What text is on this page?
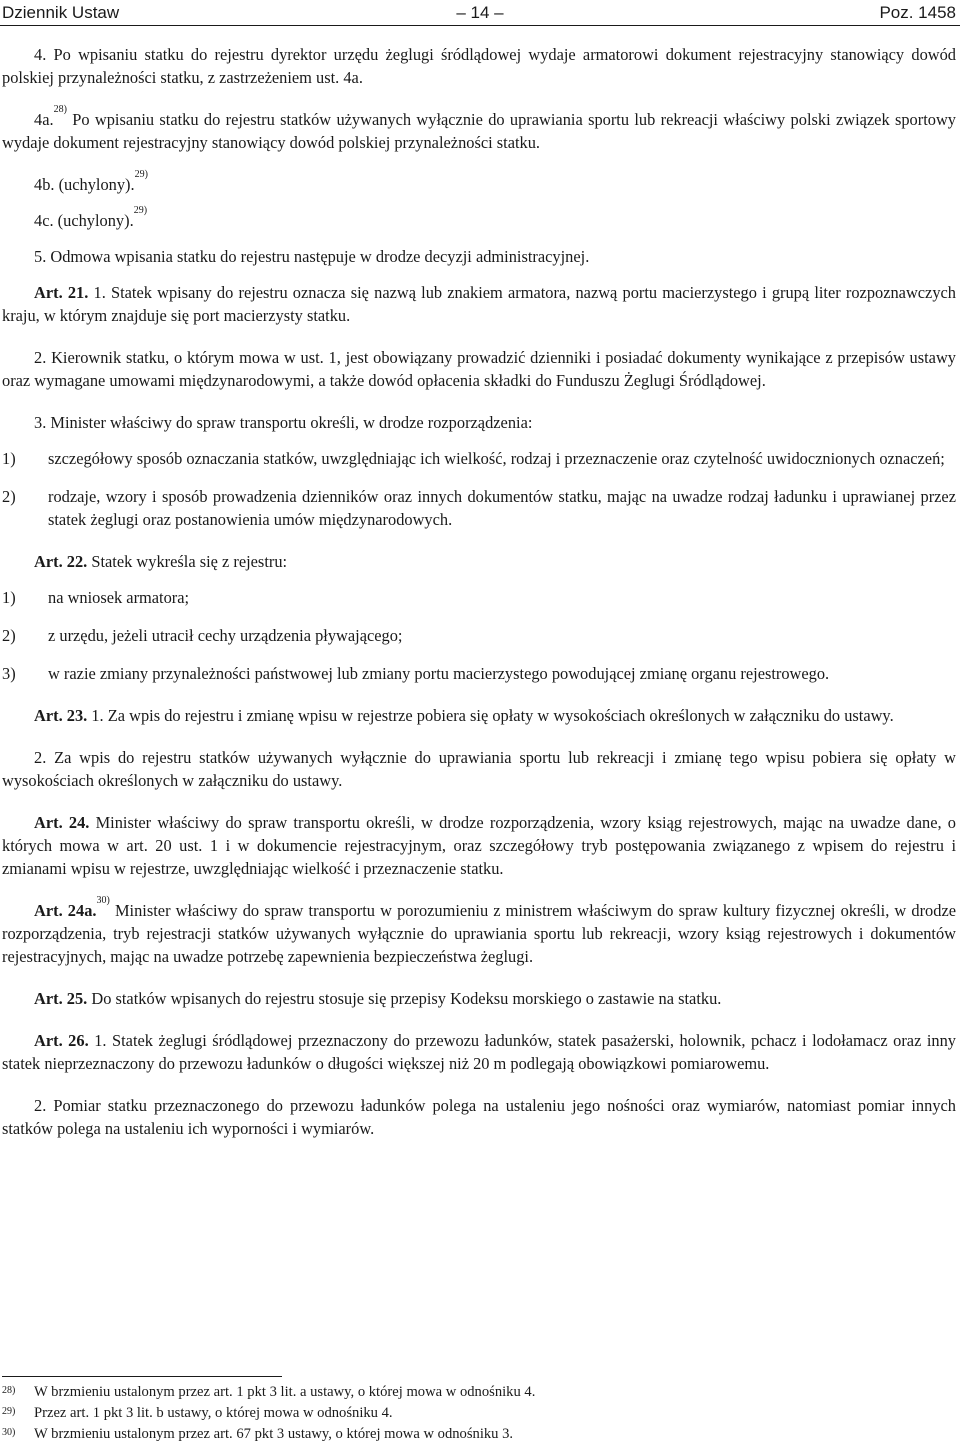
Dziennik Ustaw	– 14 –	Poz. 1458

4. Po wpisaniu statku do rejestru dyrektor urzędu żeglugi śródlądowej wydaje armatorowi dokument rejestracyjny stanowiący dowód polskiej przynależności statku, z zastrzeżeniem ust. 4a.

4a.$^{28)}$ Po wpisaniu statku do rejestru statków używanych wyłącznie do uprawiania sportu lub rekreacji właściwy polski związek sportowy wydaje dokument rejestracyjny stanowiący dowód polskiej przynależności statku.

4b. (uchylony).$^{29)}$

4c. (uchylony).$^{29)}$

5. Odmowa wpisania statku do rejestru następuje w drodze decyzji administracyjnej.

Art. 21. 1. Statek wpisany do rejestru oznacza się nazwą lub znakiem armatora, nazwą portu macierzystego i grupą liter rozpoznawczych kraju, w którym znajduje się port macierzysty statku.

2. Kierownik statku, o którym mowa w ust. 1, jest obowiązany prowadzić dzienniki i posiadać dokumenty wynikające z przepisów ustawy oraz wymagane umowami międzynarodowymi, a także dowód opłacenia składki do Funduszu Żeglugi Śródlądowej.

3. Minister właściwy do spraw transportu określi, w drodze rozporządzenia:

1) szczegółowy sposób oznaczania statków, uwzględniając ich wielkość, rodzaj i przeznaczenie oraz czytelność uwidocznionych oznaczeń;
2) rodzaje, wzory i sposób prowadzenia dzienników oraz innych dokumentów statku, mając na uwadze rodzaj ładunku i uprawianej przez statek żeglugi oraz postanowienia umów międzynarodowych.

Art. 22. Statek wykreśla się z rejestru:

1) na wniosek armatora;
2) z urzędu, jeżeli utracił cechy urządzenia pływającego;
3) w razie zmiany przynależności państwowej lub zmiany portu macierzystego powodującej zmianę organu rejestrowego.

Art. 23. 1. Za wpis do rejestru i zmianę wpisu w rejestrze pobiera się opłaty w wysokościach określonych w załączniku do ustawy.

2. Za wpis do rejestru statków używanych wyłącznie do uprawiania sportu lub rekreacji i zmianę tego wpisu pobiera się opłaty w wysokościach określonych w załączniku do ustawy.

Art. 24. Minister właściwy do spraw transportu określi, w drodze rozporządzenia, wzory ksiąg rejestrowych, mając na uwadze dane, o których mowa w art. 20 ust. 1 i w dokumencie rejestracyjnym, oraz szczegółowy tryb postępowania związanego z wpisem do rejestru i zmianami wpisu w rejestrze, uwzględniając wielkość i przeznaczenie statku.

Art. 24a.$^{30)}$ Minister właściwy do spraw transportu w porozumieniu z ministrem właściwym do spraw kultury fizycznej określi, w drodze rozporządzenia, tryb rejestracji statków używanych wyłącznie do uprawiania sportu lub rekreacji, wzory ksiąg rejestrowych i dokumentów rejestracyjnych, mając na uwadze potrzebę zapewnienia bezpieczeństwa żeglugi.

Art. 25. Do statków wpisanych do rejestru stosuje się przepisy Kodeksu morskiego o zastawie na statku.

Art. 26. 1. Statek żeglugi śródlądowej przeznaczony do przewozu ładunków, statek pasażerski, holownik, pchacz i lodołamacz oraz inny statek nieprzeznaczony do przewozu ładunków o długości większej niż 20 m podlegają obowiązkowi pomiarowemu.

2. Pomiar statku przeznaczonego do przewozu ładunków polega na ustaleniu jego nośności oraz wymiarów, natomiast pomiar innych statków polega na ustaleniu ich wyporności i wymiarów.

28) W brzmieniu ustalonym przez art. 1 pkt 3 lit. a ustawy, o której mowa w odnośniku 4.
29) Przez art. 1 pkt 3 lit. b ustawy, o której mowa w odnośniku 4.
30) W brzmieniu ustalonym przez art. 67 pkt 3 ustawy, o której mowa w odnośniku 3.
